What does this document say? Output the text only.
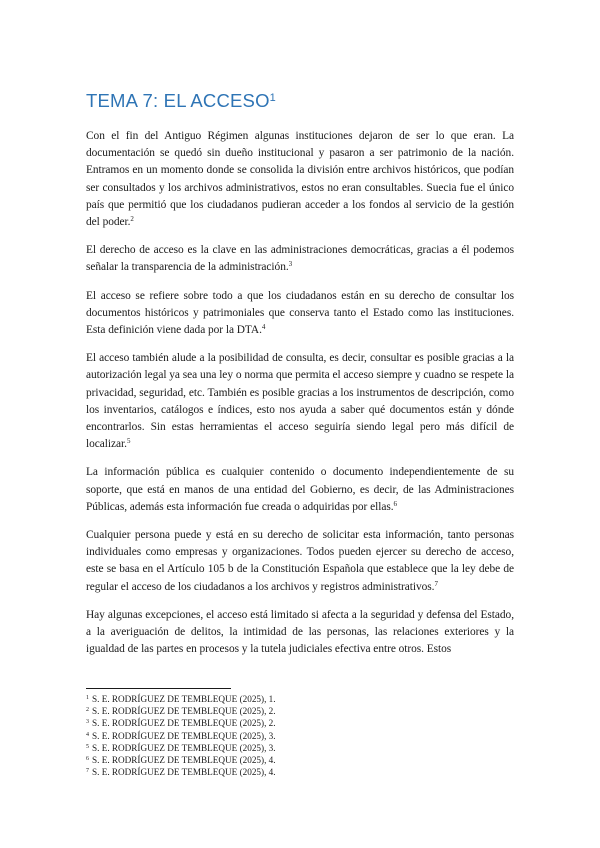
TEMA 7: EL ACCESO$^1$

Con el fin del Antiguo Régimen algunas instituciones dejaron de ser lo que eran. La documentación se quedó sin dueño institucional y pasaron a ser patrimonio de la nación. Entramos en un momento donde se consolida la división entre archivos históricos, que podían ser consultados y los archivos administrativos, estos no eran consultables. Suecia fue el único país que permitió que los ciudadanos pudieran acceder a los fondos al servicio de la gestión del poder.$^2$

El derecho de acceso es la clave en las administraciones democráticas, gracias a él podemos señalar la transparencia de la administración.$^3$

El acceso se refiere sobre todo a que los ciudadanos están en su derecho de consultar los documentos históricos y patrimoniales que conserva tanto el Estado como las instituciones. Esta definición viene dada por la DTA.$^4$

El acceso también alude a la posibilidad de consulta, es decir, consultar es posible gracias a la autorización legal ya sea una ley o norma que permita el acceso siempre y cuadno se respete la privacidad, seguridad, etc. También es posible gracias a los instrumentos de descripción, como los inventarios, catálogos e índices, esto nos ayuda a saber qué documentos están y dónde encontrarlos. Sin estas herramientas el acceso seguiría siendo legal pero más difícil de localizar.$^5$

La información pública es cualquier contenido o documento independientemente de su soporte, que está en manos de una entidad del Gobierno, es decir, de las Administraciones Públicas, además esta información fue creada o adquiridas por ellas.$^6$

Cualquier persona puede y está en su derecho de solicitar esta información, tanto personas individuales como empresas y organizaciones. Todos pueden ejercer su derecho de acceso, este se basa en el Artículo 105 b de la Constitución Española que establece que la ley debe de regular el acceso de los ciudadanos a los archivos y registros administrativos.$^7$

Hay algunas excepciones, el acceso está limitado si afecta a la seguridad y defensa del Estado, a la averiguación de delitos, la intimidad de las personas, las relaciones exteriores y la igualdad de las partes en procesos y la tutela judiciales efectiva entre otros. Estos

$^1$ S. E. RODRÍGUEZ DE TEMBLEQUE (2025), 1.
$^2$ S. E. RODRÍGUEZ DE TEMBLEQUE (2025), 2.
$^3$ S. E. RODRÍGUEZ DE TEMBLEQUE (2025), 2.
$^4$ S. E. RODRÍGUEZ DE TEMBLEQUE (2025), 3.
$^5$ S. E. RODRÍGUEZ DE TEMBLEQUE (2025), 3.
$^6$ S. E. RODRÍGUEZ DE TEMBLEQUE (2025), 4.
$^7$ S. E. RODRÍGUEZ DE TEMBLEQUE (2025), 4.
